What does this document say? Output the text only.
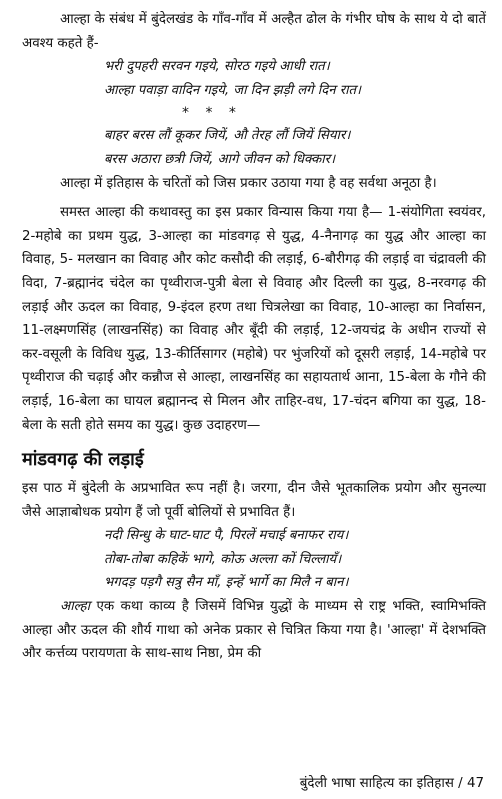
आल्हा के संबंध में बुंदेलखंड के गाँव-गाँव में अल्हैत ढोल के गंभीर घोष के साथ ये दो बातें अवश्य कहते हैं-

भरी दुपहरी सरवन गइये, सोरठ गइये आधी रात।

आल्हा पवाड़ा वादिन गइये, जा दिन झड़ी लगे दिन रात।

* * *

बाहर बरस लौं कूकर जियें, औ तेरह लौं जियें सियार।

बरस अठारा छत्री जियें, आगे जीवन को धिक्कार।

आल्हा में इतिहास के चरितों को जिस प्रकार उठाया गया है वह सर्वथा अनूठा है।

समस्त आल्हा की कथावस्तु का इस प्रकार विन्यास किया गया है— 1-संयोगिता स्वयंवर, 2-महोबे का प्रथम युद्ध, 3-आल्हा का मांडवगढ़ से युद्ध, 4-नैनागढ़ का युद्ध और आल्हा का विवाह, 5- मलखान का विवाह और कोट कसौदी की लड़ाई, 6-बौरीगढ़ की लड़ाई वा चंद्रावली की विदा, 7-ब्रह्मानंद चंदेल का पृथ्वीराज-पुत्री बेला से विवाह और दिल्ली का युद्ध, 8-नरवगढ़ की लड़ाई और ऊदल का विवाह, 9-इंदल हरण तथा चित्रलेखा का विवाह, 10-आल्हा का निर्वासन, 11-लक्ष्मणसिंह (लाखनसिंह) का विवाह और बूँदी की लड़ाई, 12-जयचंद्र के अधीन राज्यों से कर-वसूली के विविध युद्ध, 13-कीर्तिसागर (महोबे) पर भुंजरियों को दूसरी लड़ाई, 14-महोबे पर पृथ्वीराज की चढ़ाई और कन्नौज से आल्हा, लाखनसिंह का सहायतार्थ आना, 15-बेला के गौने की लड़ाई, 16-बेला का घायल ब्रह्मानन्द से मिलन और ताहिर-वध, 17-चंदन बगिया का युद्ध, 18-बेला के सती होते समय का युद्ध। कुछ उदाहरण—

मांडवगढ़ की लड़ाई

इस पाठ में बुंदेली के अप्रभावित रूप नहीं है। जरगा, दीन जैसे भूतकालिक प्रयोग और सुनल्या जैसे आज्ञाबोधक प्रयोग हैं जो पूर्वी बोलियों से प्रभावित हैं।

नदी सिन्धु के घाट-घाट पै, पिरलें मचाई बनाफर राय।

तोबा-तोबा कहिकें भागे, कोऊ अल्ला कों चिल्लायँ।

भगदड़ पड़गै सत्रु सैन माँ, इन्हें भार्गे का मिलै न बान।

आल्हा एक कथा काव्य है जिसमें विभिन्न युद्धों के माध्यम से राष्ट्र भक्ति, स्वामिभक्ति आल्हा और ऊदल की शौर्य गाथा को अनेक प्रकार से चित्रित किया गया है। 'आल्हा' में देशभक्ति और कर्त्तव्य परायणता के साथ-साथ निष्ठा, प्रेम की

बुंदेली भाषा साहित्य का इतिहास / 47
